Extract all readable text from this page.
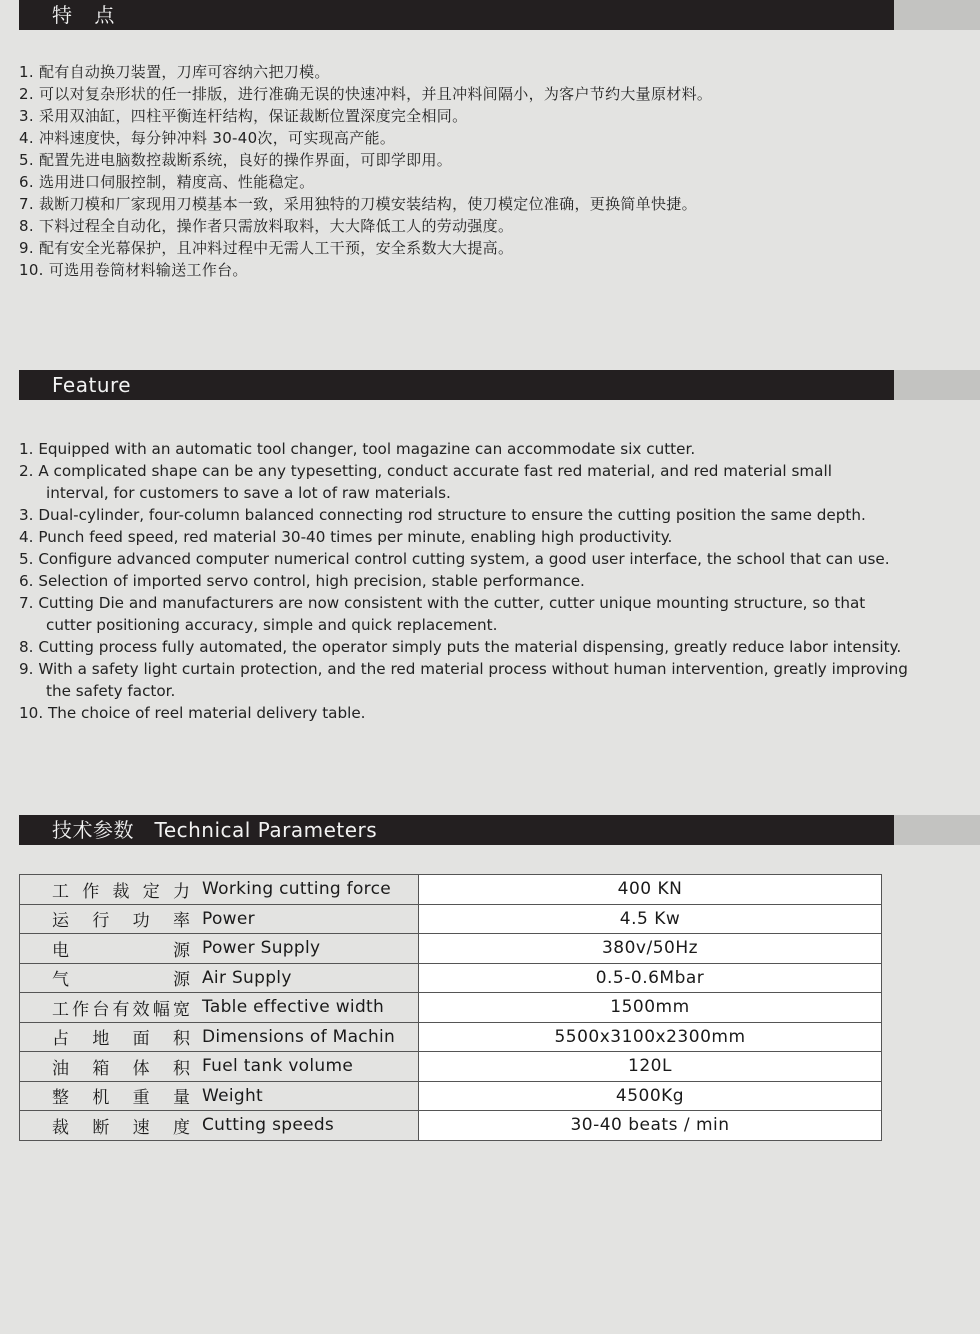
特 点
1. 配有自动换刀装置，刀库可容纳六把刀模。
2. 可以对复杂形状的任一排版，进行准确无误的快速冲料，并且冲料间隔小，为客户节约大量原材料。
3. 采用双油缸，四柱平衡连杆结构，保证裁断位置深度完全相同。
4. 冲料速度快，每分钟冲料 30-40次，可实现高产能。
5. 配置先进电脑数控裁断系统，良好的操作界面，可即学即用。
6. 选用进口伺服控制，精度高、性能稳定。
7. 裁断刀模和厂家现用刀模基本一致，采用独特的刀模安装结构，使刀模定位准确，更换简单快捷。
8. 下料过程全自动化，操作者只需放料取料，大大降低工人的劳动强度。
9. 配有安全光幕保护，且冲料过程中无需人工干预，安全系数大大提高。
10. 可选用卷筒材料输送工作台。
Feature
1. Equipped with an automatic tool changer, tool magazine can accommodate six cutter.
2. A complicated shape can be any typesetting, conduct accurate fast red material, and red material small
interval, for customers to save a lot of raw materials.
3. Dual-cylinder, four-column balanced connecting rod structure to ensure the cutting position the same depth.
4. Punch feed speed, red material 30-40 times per minute, enabling high productivity.
5. Configure advanced computer numerical control cutting system, a good user interface, the school that can use.
6. Selection of imported servo control, high precision, stable performance.
7. Cutting Die and manufacturers are now consistent with the cutter, cutter unique mounting structure, so that
cutter positioning accuracy, simple and quick replacement.
8. Cutting process fully automated, the operator simply puts the material dispensing, greatly reduce labor intensity.
9. With a safety light curtain protection, and the red material process without human intervention, greatly improving
the safety factor.
10. The choice of reel material delivery table.
技术参数　Technical Parameters
工作裁定力 Working cutting force	400 KN
运行功率 Power	4.5 Kw
电源 Power Supply	380v/50Hz
气源 Air Supply	0.5-0.6Mbar
工作台有效幅宽 Table effective width	1500mm
占地面积 Dimensions of Machin	5500x3100x2300mm
油箱体积 Fuel tank volume	120L
整机重量 Weight	4500Kg
裁断速度 Cutting speeds	30-40 beats / min
